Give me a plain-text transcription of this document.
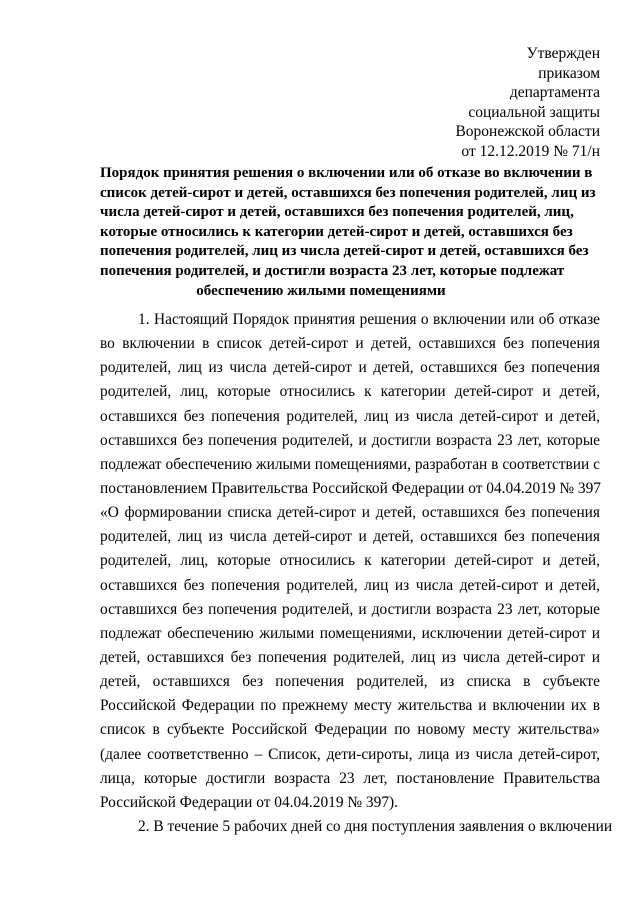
Утвержден
приказом
департамента
социальной защиты
Воронежской области
от 12.12.2019 № 71/н
Порядок принятия решения о включении или об отказе во включении в
список детей-сирот и детей, оставшихся без попечения родителей, лиц из
числа детей-сирот и детей, оставшихся без попечения родителей, лиц,
которые относились к категории детей-сирот и детей, оставшихся без
попечения родителей, лиц из числа детей-сирот и детей, оставшихся без
попечения родителей, и достигли возраста 23 лет, которые подлежат
обеспечению жилыми помещениями
1. Настоящий Порядок принятия решения о включении или об отказе
во включении в список детей-сирот и детей, оставшихся без попечения
родителей, лиц из числа детей-сирот и детей, оставшихся без попечения
родителей, лиц, которые относились к категории детей-сирот и детей,
оставшихся без попечения родителей, лиц из числа детей-сирот и детей,
оставшихся без попечения родителей, и достигли возраста 23 лет, которые
подлежат обеспечению жилыми помещениями, разработан в соответствии с
постановлением Правительства Российской Федерации от 04.04.2019 № 397
«О формировании списка детей-сирот и детей, оставшихся без попечения
родителей, лиц из числа детей-сирот и детей, оставшихся без попечения
родителей, лиц, которые относились к категории детей-сирот и детей,
оставшихся без попечения родителей, лиц из числа детей-сирот и детей,
оставшихся без попечения родителей, и достигли возраста 23 лет, которые
подлежат обеспечению жилыми помещениями, исключении детей-сирот и
детей, оставшихся без попечения родителей, лиц из числа детей-сирот и
детей, оставшихся без попечения родителей, из списка в субъекте
Российской Федерации по прежнему месту жительства и включении их в
список в субъекте Российской Федерации по новому месту жительства»
(далее соответственно – Список, дети-сироты, лица из числа детей-сирот,
лица, которые достигли возраста 23 лет, постановление Правительства
Российской Федерации от 04.04.2019 № 397).
2. В течение 5 рабочих дней со дня поступления заявления о включении
